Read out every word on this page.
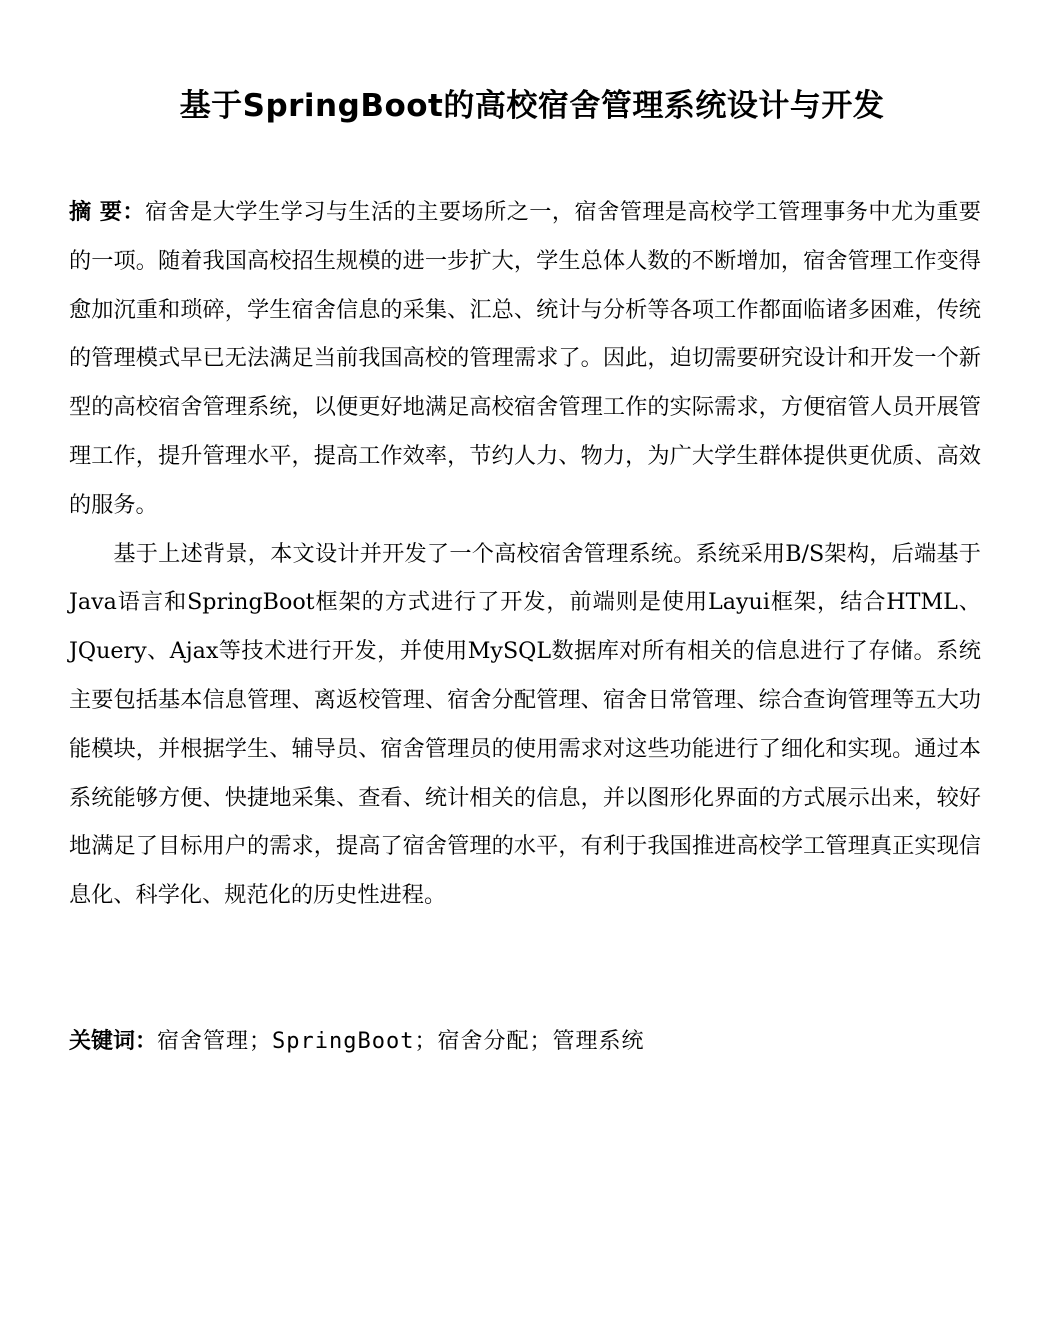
基于SpringBoot的高校宿舍管理系统设计与开发

摘 要：宿舍是大学生学习与生活的主要场所之一，宿舍管理是高校学工管理事务中尤为重要的一项。随着我国高校招生规模的进一步扩大，学生总体人数的不断增加，宿舍管理工作变得愈加沉重和琐碎，学生宿舍信息的采集、汇总、统计与分析等各项工作都面临诸多困难，传统的管理模式早已无法满足当前我国高校的管理需求了。因此，迫切需要研究设计和开发一个新型的高校宿舍管理系统，以便更好地满足高校宿舍管理工作的实际需求，方便宿管人员开展管理工作，提升管理水平，提高工作效率，节约人力、物力，为广大学生群体提供更优质、高效的服务。

基于上述背景，本文设计并开发了一个高校宿舍管理系统。系统采用B/S架构，后端基于Java语言和SpringBoot框架的方式进行了开发，前端则是使用Layui框架，结合HTML、JQuery、Ajax等技术进行开发，并使用MySQL数据库对所有相关的信息进行了存储。系统主要包括基本信息管理、离返校管理、宿舍分配管理、宿舍日常管理、综合查询管理等五大功能模块，并根据学生、辅导员、宿舍管理员的使用需求对这些功能进行了细化和实现。通过本系统能够方便、快捷地采集、查看、统计相关的信息，并以图形化界面的方式展示出来，较好地满足了目标用户的需求，提高了宿舍管理的水平，有利于我国推进高校学工管理真正实现信息化、科学化、规范化的历史性进程。

关键词：宿舍管理；SpringBoot；宿舍分配；管理系统
